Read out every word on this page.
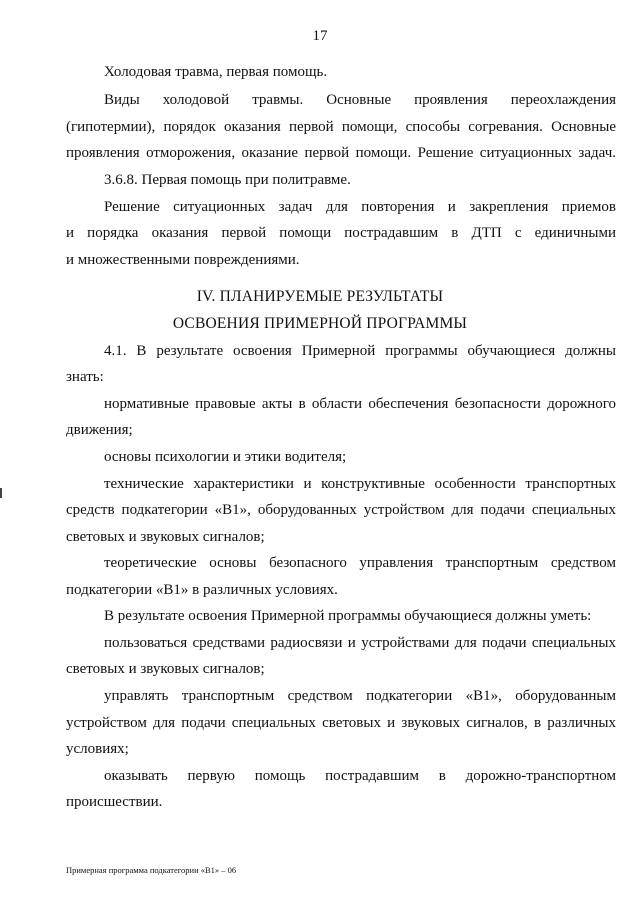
17
Холодовая травма, первая помощь.
Виды холодовой травмы. Основные проявления переохлаждения
(гипотермии), порядок оказания первой помощи, способы согревания. Основные
проявления отморожения, оказание первой помощи. Решение ситуационных задач.
3.6.8. Первая помощь при политравме.
Решение ситуационных задач для повторения и закрепления приемов
и порядка оказания первой помощи пострадавшим в ДТП с единичными
и множественными повреждениями.
IV. ПЛАНИРУЕМЫЕ РЕЗУЛЬТАТЫ
ОСВОЕНИЯ ПРИМЕРНОЙ ПРОГРАММЫ
4.1. В результате освоения Примерной программы обучающиеся должны
знать:
нормативные правовые акты в области обеспечения безопасности дорожного
движения;
основы психологии и этики водителя;
технические характеристики и конструктивные особенности транспортных
средств подкатегории «В1», оборудованных устройством для подачи специальных
световых и звуковых сигналов;
теоретические основы безопасного управления транспортным средством
подкатегории «В1» в различных условиях.
В результате освоения Примерной программы обучающиеся должны уметь:
пользоваться средствами радиосвязи и устройствами для подачи специальных
световых и звуковых сигналов;
управлять транспортным средством подкатегории «В1», оборудованным
устройством для подачи специальных световых и звуковых сигналов, в различных
условиях;
оказывать первую помощь пострадавшим в дорожно-транспортном
происшествии.
Примерная программа подкатегории «В1» – 06
